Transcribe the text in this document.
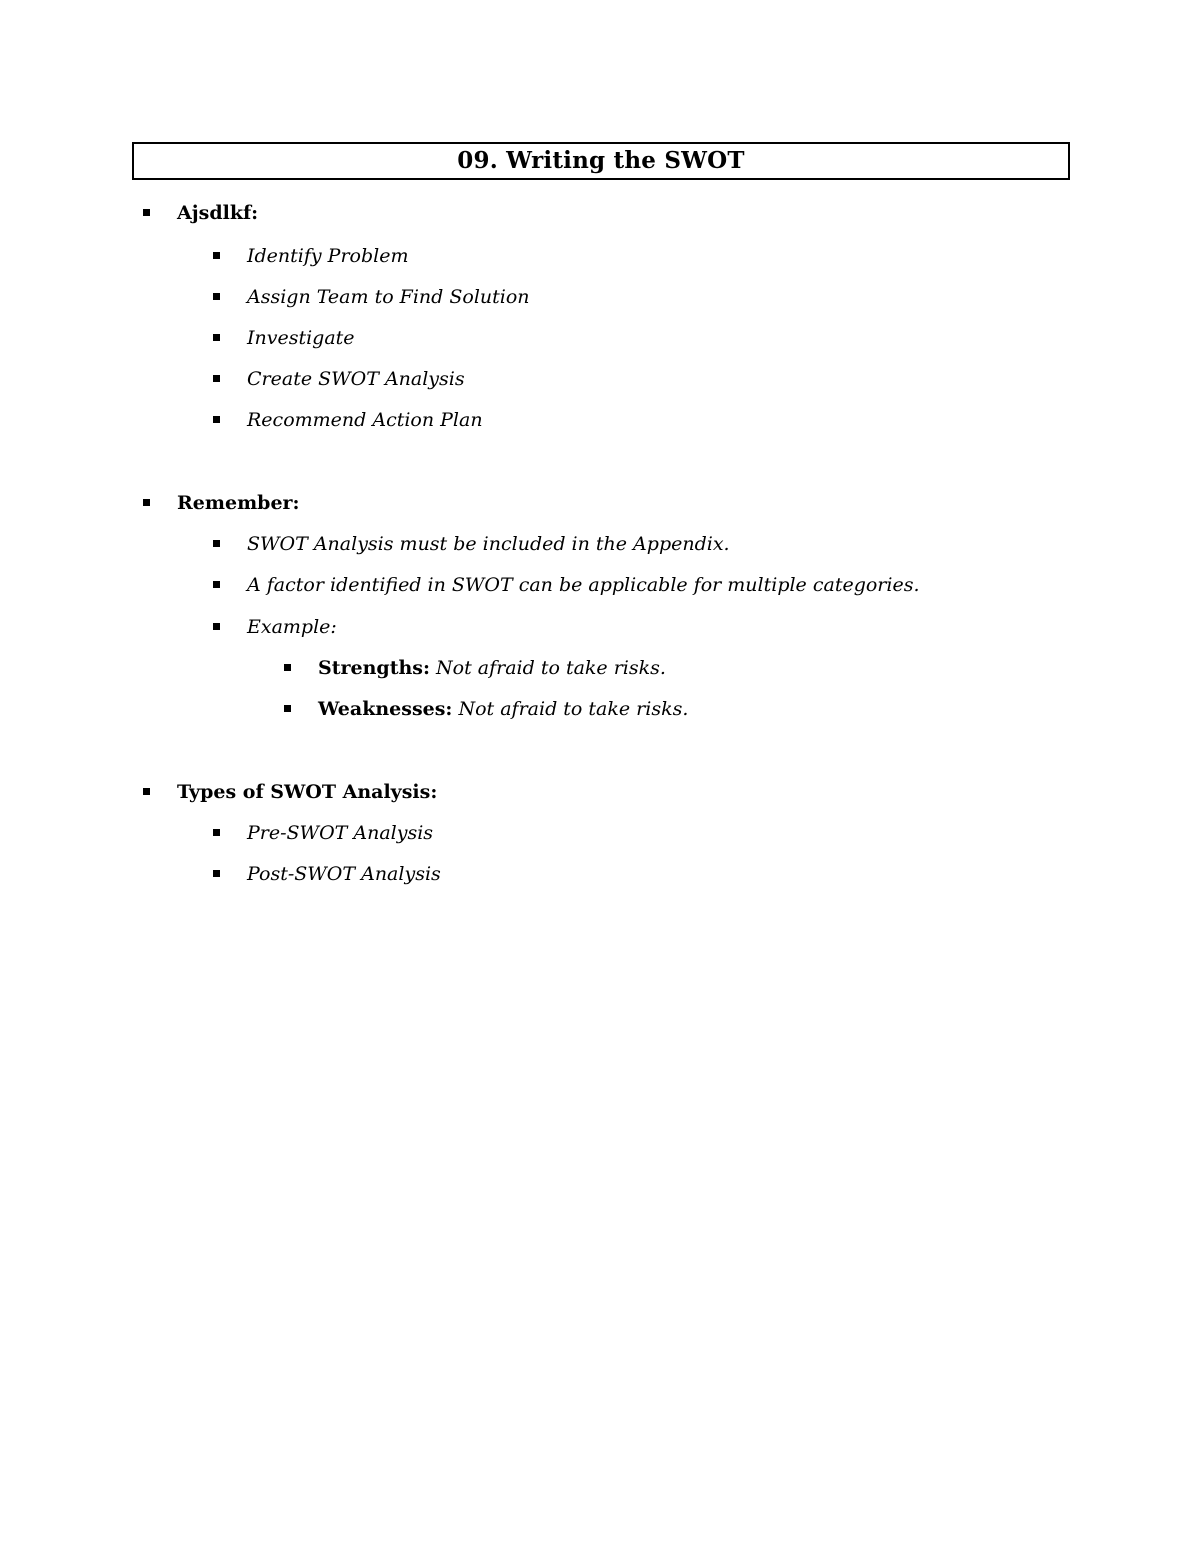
09. Writing the SWOT
Ajsdlkf:
Identify Problem
Assign Team to Find Solution
Investigate
Create SWOT Analysis
Recommend Action Plan
Remember:
SWOT Analysis must be included in the Appendix.
A factor identified in SWOT can be applicable for multiple categories.
Example:
Strengths: Not afraid to take risks.
Weaknesses: Not afraid to take risks.
Types of SWOT Analysis:
Pre-SWOT Analysis
Post-SWOT Analysis
